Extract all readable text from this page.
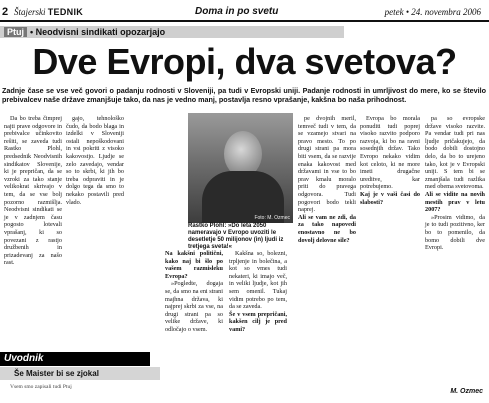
2 Štajerski TEDNIK	Doma in po svetu	petek • 24. novembra 2006
Ptuj • Neodvisni sindikati opozarjajo
Dve Evropi, dva svetova?
Zadnje čase se vse več govori o padanju rodnosti v Sloveniji, pa tudi v Evropski uniji. Padanje rodnosti in umrljivost do mere, ko se število prebivalcev naše države zmanjšuje tako, da nas je vedno manj, postavlja resno vprašanje, kakšna bo naša prihodnost.

Da bo treba čimprej najti prave odgovore in prebivalce učinkovito rešiti, se zaveda tudi Rastko Plohl, predsednik Neodvisnih sindikatov Slovenije, ki je prepričan, da se vzroki za tako stanje velikokrat skrivajo v tem, da se vse bolj pozorno razmišlja. Neodvisni sindikati se je v zadnjem času pogosto lotevali vprašanj, ki so povezani z rastjo družbenih in prizadevanj za našo rast.

gajo, tehnološko čudo, da bodo blaga in izdelki v Sloveniji ostali nepoškodovani in vsi pokriti z visoko kakovostjo. Ljudje se zelo zavedajo, vendar so to skrbi, ki jih bo treba odpraviti in je dolgo tega da smo to nekako postavili pred vlado.

Foto: M. Ozmec
Rastko Plohl: »Do leta 2050 nameravajo v Evropo uvoziti le desetletje 50 milijonov (in) ljudi iz tretjega sveta!«

Na kakšni politični, kako naj bi šlo po vašem razmisleku Evropa?

»Pogledte, dogaja se, da smo na eni strani majhna država, ki najprej skrbi za vse, na drugi strani pa so velike države, ki odločajo o vsem.

Kakšna so, bolezni, trpljenje in bolečina, a kot so vmes tudi nekateri, ki imajo več, in veliki ljudje, kot jih sem omenil. Tukaj vidim potrebo po tem, da se zaveda.

Še v vsem prepričani, kakšen cilj je pred vami?

pe dvojnih meril, temveč tudi v tem, da se vzamejo stvari na pravo mesto. To po drugi strani pa mora biti vsem, da se razvije enaka kakovost med državami in vse to bo prav kmalu moralo priti do pravega odgovora. Tudi pogovori bodo tekli naprej.

Ali se vam ne zdi, da za tako napovedi enostavno ne bo dovolj delovne sile?

Evropa bo morala ponuditi tudi poprej visoko razvito podporo razvoja, ki bo na ravni sosednjih držav. Tako Evropo nekako vidim kot celoto, ki ne more imeti drugačne ureditve, kar potrebujemo.

Kaj je v vaši časi do slabosti?

pa so evropske države visoko razvite. Pa vendar tudi pri nas ljudje pričakujejo, da bodo dobili dostojno delo, da bo to urejeno tako, kot je v Evropski uniji. S tem bi se zmanjšala tudi razlika med obema svetovoma.

Ali se vidite na novih mestih prav v letu 2007?

»Prosim vidimo, da je to tudi pozitivno, ker bo to pomenilo, da bomo dobili dve Evropi.

Uvodnik
Še Maister bi se zjokal
Vsem smo zapisali tudi Ptuj
M. Ozmec
